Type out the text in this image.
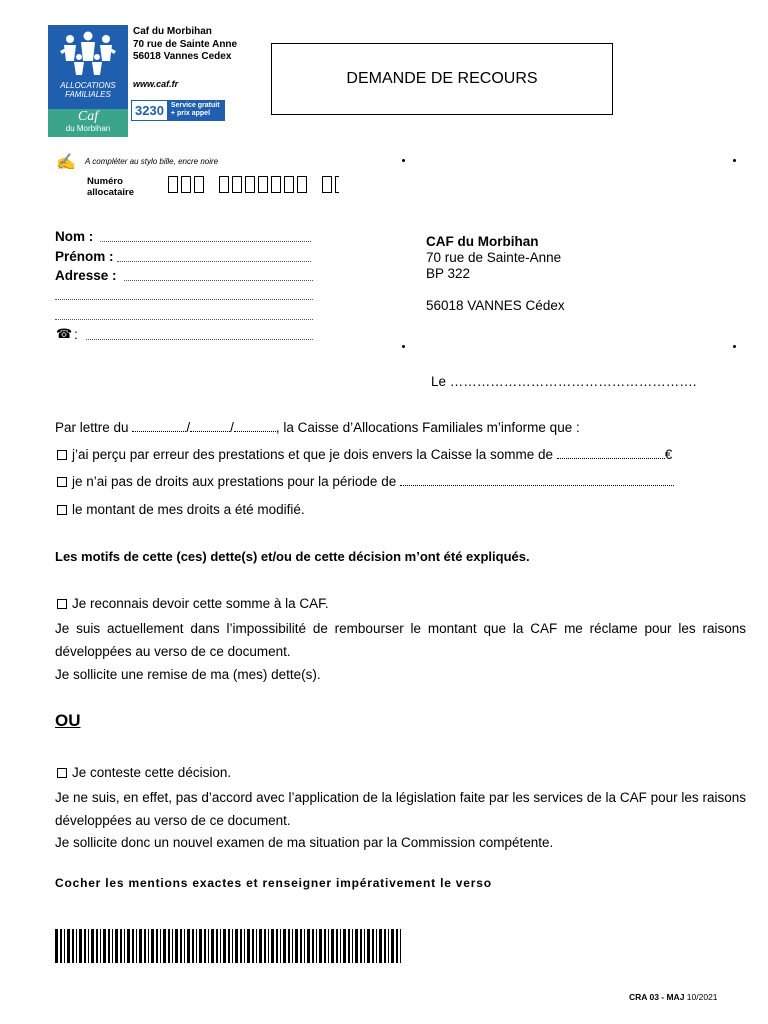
ALLOCATIONS
FAMILIALES
Caf
du Morbihan
Caf du Morbihan
70 rue de Sainte Anne
56018 Vannes Cedex
www.caf.fr
3230	Service gratuit
+ prix appel
DEMANDE DE RECOURS
✍ A compléter au stylo bille, encre noire
Numéro
allocataire
Nom :
Prénom :
Adresse :
☎ :
CAF du Morbihan
70 rue de Sainte-Anne
BP 322
56018 VANNES Cédex
Le ……………………………………………….
Par lettre du	/	/	, la Caisse d’Allocations Familiales m’informe que :
j’ai perçu par erreur des prestations et que je dois envers la Caisse la somme de	€
je n’ai pas de droits aux prestations pour la période de
le montant de mes droits a été modifié.
Les motifs de cette (ces) dette(s) et/ou de cette décision m’ont été expliqués.
Je reconnais devoir cette somme à la CAF.
Je suis actuellement dans l’impossibilité de rembourser le montant que la CAF me réclame pour les raisons développées au verso de ce document.
Je sollicite une remise de ma (mes) dette(s).
OU
Je conteste cette décision.
Je ne suis, en effet, pas d’accord avec l’application de la législation faite par les services de la CAF pour les raisons développées au verso de ce document.
Je sollicite donc un nouvel examen de ma situation par la Commission compétente.
Cocher les mentions exactes et renseigner impérativement le verso
CRA 03 - MAJ 10/2021
